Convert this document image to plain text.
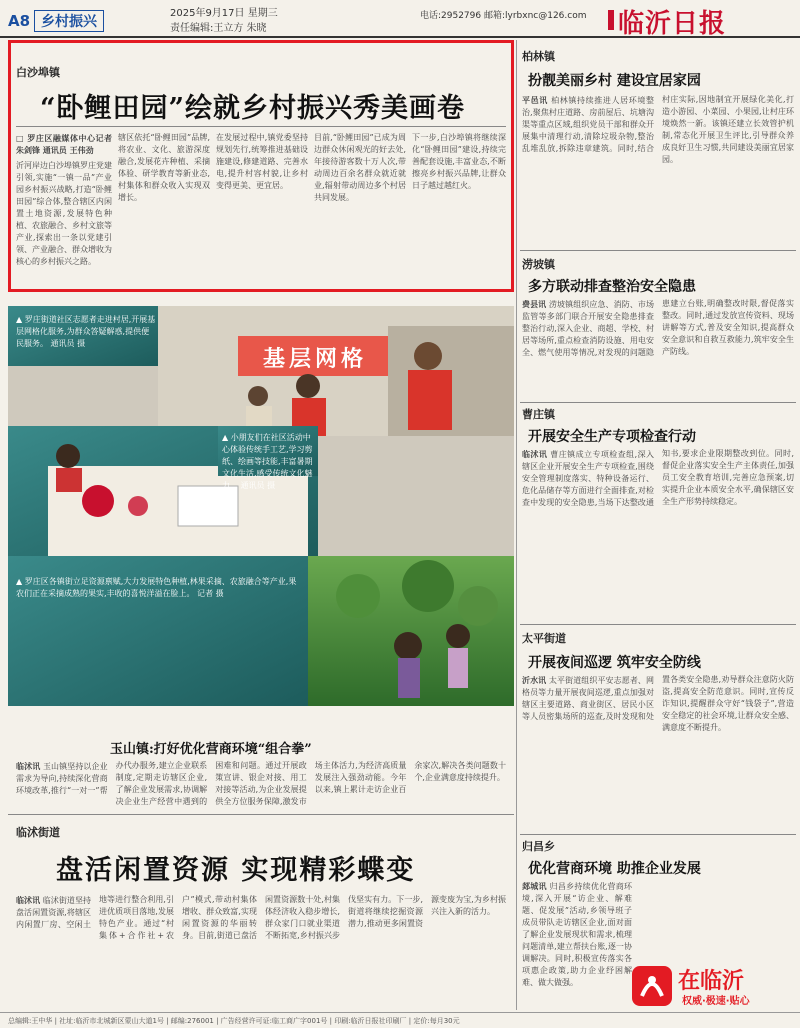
A8 乡村振兴
2025年9月17日 星期三
责任编辑:王立方 朱晓
电话:2952796 邮箱:lyrbxnc@126.com 临沂日报
白沙埠镇
“卧鲤田园”绘就乡村振兴秀美画卷
□ 罗庄区融媒体中心记者 朱剑锋 通讯员 王伟劲
沂河岸边白沙埠镇罗庄党建引领,实施“一镇一品”产业园乡村振兴战略,打造“卧鲤田园”综合体,整合辖区内闲置土地资源,发展特色种植、农旅融合、乡村文旅等产业,探索出一条以党建引领、产业融合、群众增收为核心的乡村振兴之路。
辖区依托“卧鲤田园”品牌,将农业、文化、旅游深度融合,发展花卉种植、采摘体验、研学教育等新业态,村集体和群众收入实现双增长。
在发展过程中,镇党委坚持规划先行,统筹推进基础设施建设,修建道路、完善水电,提升村容村貌,让乡村变得更美、更宜居。
目前,“卧鲤田园”已成为周边群众休闲观光的好去处,年接待游客数十万人次,带动周边百余名群众就近就业,辐射带动周边多个村居共同发展。
下一步,白沙埠镇将继续深化“卧鲤田园”建设,持续完善配套设施,丰富业态,不断擦亮乡村振兴品牌,让群众日子越过越红火。
基层网格
▲ 罗庄街道社区志愿者走进村居,开展基层网格化服务,为群众答疑解惑,提供便民服务。 通讯员 摄
▲ 小朋友们在社区活动中心体验传统手工艺,学习剪纸、绘画等技能,丰富暑期文化生活,感受传统文化魅力。 通讯员 摄
▲ 罗庄区各镇街立足资源禀赋,大力发展特色种植,林果采摘、农旅融合等产业,果农们正在采摘成熟的果实,丰收的喜悦洋溢在脸上。 记者 摄
玉山镇:打好优化营商环境“组合拳”
临沭讯 玉山镇坚持以企业需求为导向,持续深化营商环境改革,推行“一对一”帮办代办服务,建立企业联系制度,定期走访辖区企业,了解企业发展需求,协调解决企业生产经营中遇到的困难和问题。通过开展政策宣讲、银企对接、用工对接等活动,为企业发展提供全方位服务保障,激发市场主体活力,为经济高质量发展注入强劲动能。今年以来,镇上累计走访企业百余家次,解决各类问题数十个,企业满意度持续提升。
临沭街道
盘活闲置资源 实现精彩蝶变
临沭讯 临沭街道坚持盘活闲置资源,将辖区内闲置厂房、空闲土地等进行整合利用,引进优质项目落地,发展特色产业。通过“村集体+合作社+农户”模式,带动村集体增收、群众致富,实现闲置资源的华丽转身。目前,街道已盘活闲置资源数十处,村集体经济收入稳步增长,群众家门口就业渠道不断拓宽,乡村振兴步伐坚实有力。下一步,街道将继续挖掘资源潜力,推动更多闲置资源变废为宝,为乡村振兴注入新的活力。
柏林镇
扮靓美丽乡村 建设宜居家园
平邑讯 柏林镇持续推进人居环境整治,聚焦村庄道路、房前屋后、坑塘沟渠等重点区域,组织党员干部和群众开展集中清理行动,清除垃圾杂物,整治乱堆乱放,拆除违章建筑。同时,结合村庄实际,因地制宜开展绿化美化,打造小游园、小菜园、小果园,让村庄环境焕然一新。该镇还建立长效管护机制,常态化开展卫生评比,引导群众养成良好卫生习惯,共同建设美丽宜居家园。
涝坡镇
多方联动排查整治安全隐患
费县讯 涝坡镇组织应急、消防、市场监管等多部门联合开展安全隐患排查整治行动,深入企业、商超、学校、村居等场所,重点检查消防设施、用电安全、燃气使用等情况,对发现的问题隐患建立台账,明确整改时限,督促落实整改。同时,通过发放宣传资料、现场讲解等方式,普及安全知识,提高群众安全意识和自救互救能力,筑牢安全生产防线。
曹庄镇
开展安全生产专项检查行动
临沭讯 曹庄镇成立专项检查组,深入辖区企业开展安全生产专项检查,围绕安全管理制度落实、特种设备运行、危化品储存等方面进行全面排查,对检查中发现的安全隐患,当场下达整改通知书,要求企业限期整改到位。同时,督促企业落实安全生产主体责任,加强员工安全教育培训,完善应急预案,切实提升企业本质安全水平,确保辖区安全生产形势持续稳定。
太平街道
开展夜间巡逻 筑牢安全防线
沂水讯 太平街道组织平安志愿者、网格员等力量开展夜间巡逻,重点加强对辖区主要道路、商业街区、居民小区等人员密集场所的巡查,及时发现和处置各类安全隐患,劝导群众注意防火防盗,提高安全防范意识。同时,宣传反诈知识,提醒群众守好“钱袋子”,营造安全稳定的社会环境,让群众安全感、满意度不断提升。
归昌乡
优化营商环境 助推企业发展
郯城讯 归昌乡持续优化营商环境,深入开展“访企业、解难题、促发展”活动,乡领导班子成员带队走访辖区企业,面对面了解企业发展现状和需求,梳理问题清单,建立帮扶台账,逐一协调解决。同时,积极宣传落实各项惠企政策,助力企业纾困解难、做大做强。	在临沂
权威·极速·贴心
总编辑:王中华 | 社址:临沂市北城新区蒙山大道1号 | 邮编:276001 | 广告经营许可证:临工商广字001号 | 印刷:临沂日报社印刷厂 | 定价:每月30元
